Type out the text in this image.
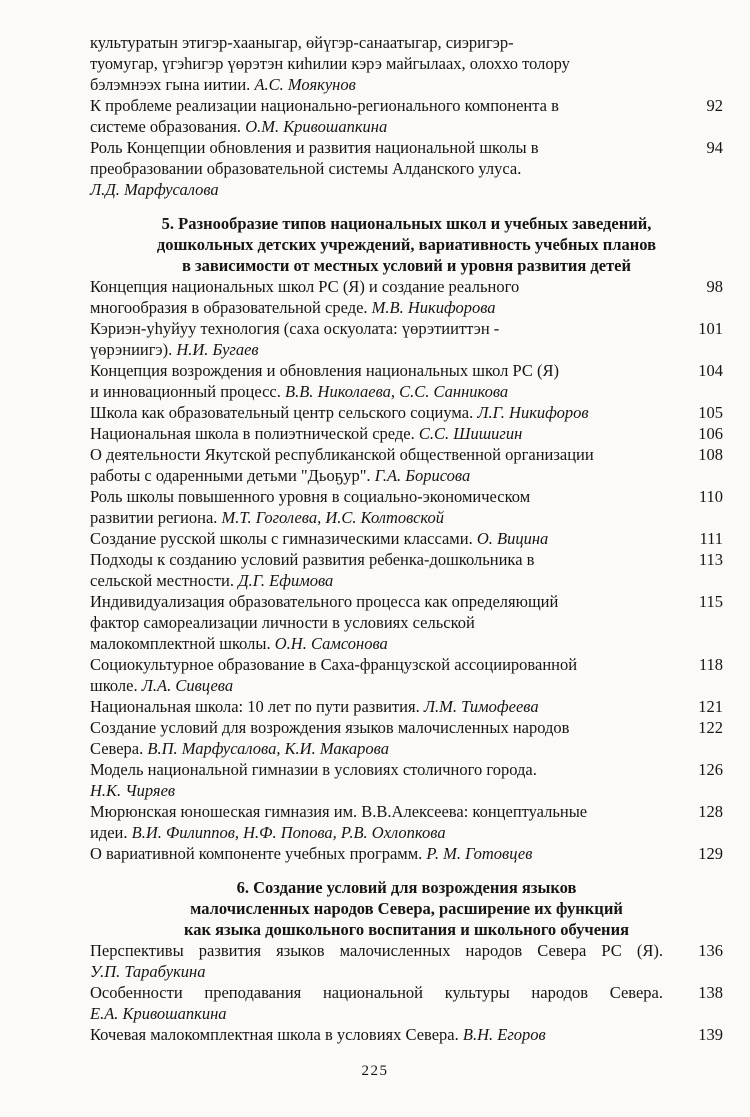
культуратын этигэр-хааныгар, өйүгэр-санаатыгар, сиэригэр-
туомугар, үгэһигэр үөрэтэн киһилии кэрэ майгылаах, олоххо толору
бэлэмнээх гына иитии. А.С. Моякунов
К проблеме реализации национально-регионального компонента в	92
системе образования. О.М. Кривошапкина
Роль Концепции обновления и развития национальной школы в	94
преобразовании образовательной системы Алданского улуса.
Л.Д. Марфусалова
5. Разнообразие типов национальных школ и учебных заведений,
дошкольных детских учреждений, вариативность учебных планов
в зависимости от местных условий и уровня развития детей
Концепция национальных школ РС (Я) и создание реального	98
многообразия в образовательной среде. М.В. Никифорова
Кэриэн-уһуйуу технология (саха оскуолата: үөрэтииттэн -	101
үөрэниигэ). Н.И. Бугаев
Концепция возрождения и обновления национальных школ РС (Я)	104
и инновационный процесс. В.В. Николаева, С.С. Санникова
Школа как образовательный центр сельского социума. Л.Г. Никифоров	105
Национальная школа в полиэтнической среде. С.С. Шишигин	106
О деятельности Якутской республиканской общественной организации	108
работы с одаренными детьми "Дьоҕур". Г.А. Борисова
Роль школы повышенного уровня в социально-экономическом	110
развитии региона. М.Т. Гоголева, И.С. Колтовской
Создание русской школы с гимназическими классами. О. Вицина	111
Подходы к созданию условий развития ребенка-дошкольника в	113
сельской местности. Д.Г. Ефимова
Индивидуализация образовательного процесса как определяющий	115
фактор самореализации личности в условиях сельской
малокомплектной школы. О.Н. Самсонова
Социокультурное образование в Саха-французской ассоциированной	118
школе. Л.А. Сивцева
Национальная школа: 10 лет по пути развития. Л.М. Тимофеева	121
Создание условий для возрождения языков малочисленных народов	122
Севера. В.П. Марфусалова, К.И. Макарова
Модель национальной гимназии в условиях столичного города.	126
Н.К. Чиряев
Мюрюнская юношеская гимназия им. В.В.Алексеева: концептуальные	128
идеи. В.И. Филиппов, Н.Ф. Попова, Р.В. Охлопкова
О вариативной компоненте учебных программ. Р. М. Готовцев	129
6. Создание условий для возрождения языков
малочисленных народов Севера, расширение их функций
как языка дошкольного воспитания и школьного обучения
Перспективы развития языков малочисленных народов Севера РС (Я).	136
У.П. Тарабукина
Особенности преподавания национальной культуры народов Севера.	138
Е.А. Кривошапкина
Кочевая малокомплектная школа в условиях Севера. В.Н. Егоров	139
225
